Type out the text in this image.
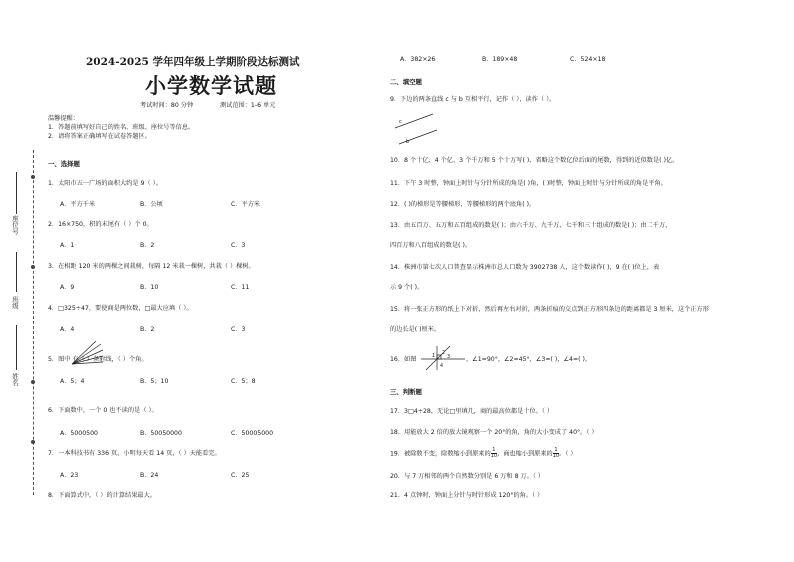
座位号
班级
姓名
2024-2025 学年四年级上学期阶段达标测试
小学数学试题
考试时间：80 分钟	测试范围：1-6 单元
温馨提醒：
1．答题前填写好自己的姓名、班级、座位号等信息。
2．请将答案正确填写在试卷答题区。
一、选择题
1．太阳市五一广场的面积大约是 9（ ）。
A．平方千米	B．公顷	C．平方米
2．16×750，积的末尾有（ ）个 0。
A．1	B．2	C．3
3．在相距 120 米的两棵之间栽树，每隔 12 米栽一棵树，共栽（ ）棵树。
A．9	B．10	C．11
4．□325÷47，要使商是两位数，□最大应填（ ）。
A．4	B．2	C．3
5．图中 有（ ）条射线，（ ）个角。
A．5；4	B．5；10	C．5；8
6．下面数中，一个 0 也不读的是（ ）。
A．5000500	B．50050000	C．50005000
7．一本科技书有 336 页，小明每天看 14 页，（ ）天能看完。
A．23	B．24	C．25
8．下面算式中，（ ）的计算结果最大。
A．382×26	B．189×48	C．524×18
二、填空题
9．下边的两条直线 c 与 b 互相平行，记作（ ），读作（ ）。
c
b
10．8 个十亿、4 个亿、3 个千万和 5 个十万写( )，省略这个数亿位后面的尾数，得到的近似数是( )亿。
11．下午 3 时整，钟面上时针与分针所成的角是( )角，( )时整，钟面上时针与分针所成的角是平角。
12．( )的梯形是等腰梯形，等腰梯形的两个底角( )。
13．由五百万、五万和五百组成的数是( )；由六千万、九千万、七千和三十组成的数是( )；由二千万、
四百万和八百组成的数是( )。
14．株洲市第七次人口普查显示株洲市总人口数为 3902738 人，这个数读作( )，9 在( )位上，表
示 9 个( )。
15．将一张正方形的纸上下对折，然后再左右对折，两条折痕的交点到正方形四条边的距离都是 3 厘米，这个正方形
的边长是( )厘米。
16．如图	1
2
3
4
，∠1=90°，∠2=45°，∠3=( )，∠4=( )。
三、判断题
17．3□4÷28，无论□里填几，商的最高位都是十位。（ ）
18．用能放大 2 倍的放大镜观察一个 20°的角，角的大小变成了 40°。（ ）
19．被除数不变，除数缩小到原来的 $\frac{1}{10}$ ，商也缩小到原来的 $\frac{1}{10}$ 。（ ）
20．与 7 万相邻的两个自然数分别是 6 万和 8 万。（ ）
21．4 点钟时，钟面上分针与时针形成 120°的角。（ ）
